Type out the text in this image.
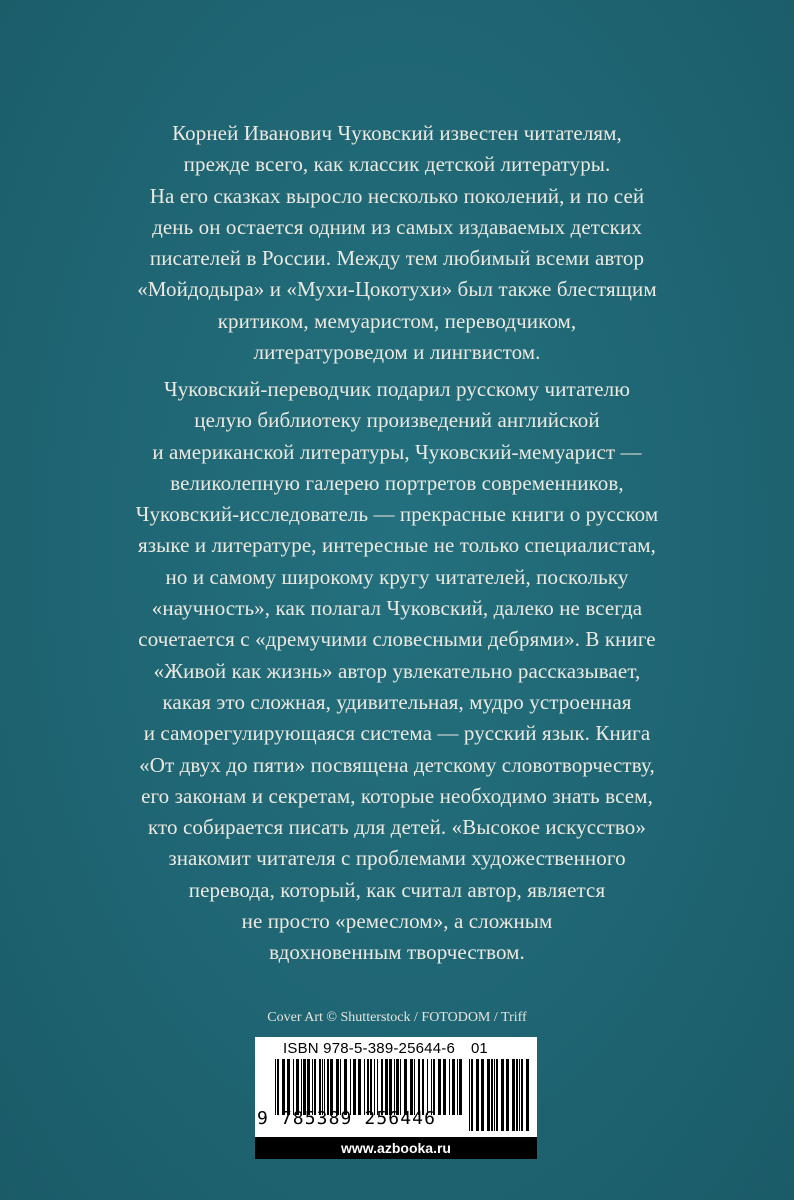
Корней Иванович Чуковский известен читателям,
прежде всего, как классик детской литературы.
На его сказках выросло несколько поколений, и по сей
день он остается одним из самых издаваемых детских
писателей в России. Между тем любимый всеми автор
«Мойдодыра» и «Мухи-Цокотухи» был также блестящим
критиком, мемуаристом, переводчиком,
литературоведом и лингвистом.
Чуковский-переводчик подарил русскому читателю
целую библиотеку произведений английской
и американской литературы, Чуковский-мемуарист —
великолепную галерею портретов современников,
Чуковский-исследователь — прекрасные книги о русском
языке и литературе, интересные не только специалистам,
но и самому широкому кругу читателей, поскольку
«научность», как полагал Чуковский, далеко не всегда
сочетается с «дремучими словесными дебрями». В книге
«Живой как жизнь» автор увлекательно рассказывает,
какая это сложная, удивительная, мудро устроенная
и саморегулирующаяся система — русский язык. Книга
«От двух до пяти» посвящена детскому словотворчеству,
его законам и секретам, которые необходимо знать всем,
кто собирается писать для детей. «Высокое искусство»
знакомит читателя с проблемами художественного
перевода, который, как считал автор, является
не просто «ремеслом», а сложным
вдохновенным творчеством.
Cover Art © Shutterstock / FOTODOM / Triff
ISBN 978-5-389-25644-6 01
9 785389 256446
www.azbooka.ru
